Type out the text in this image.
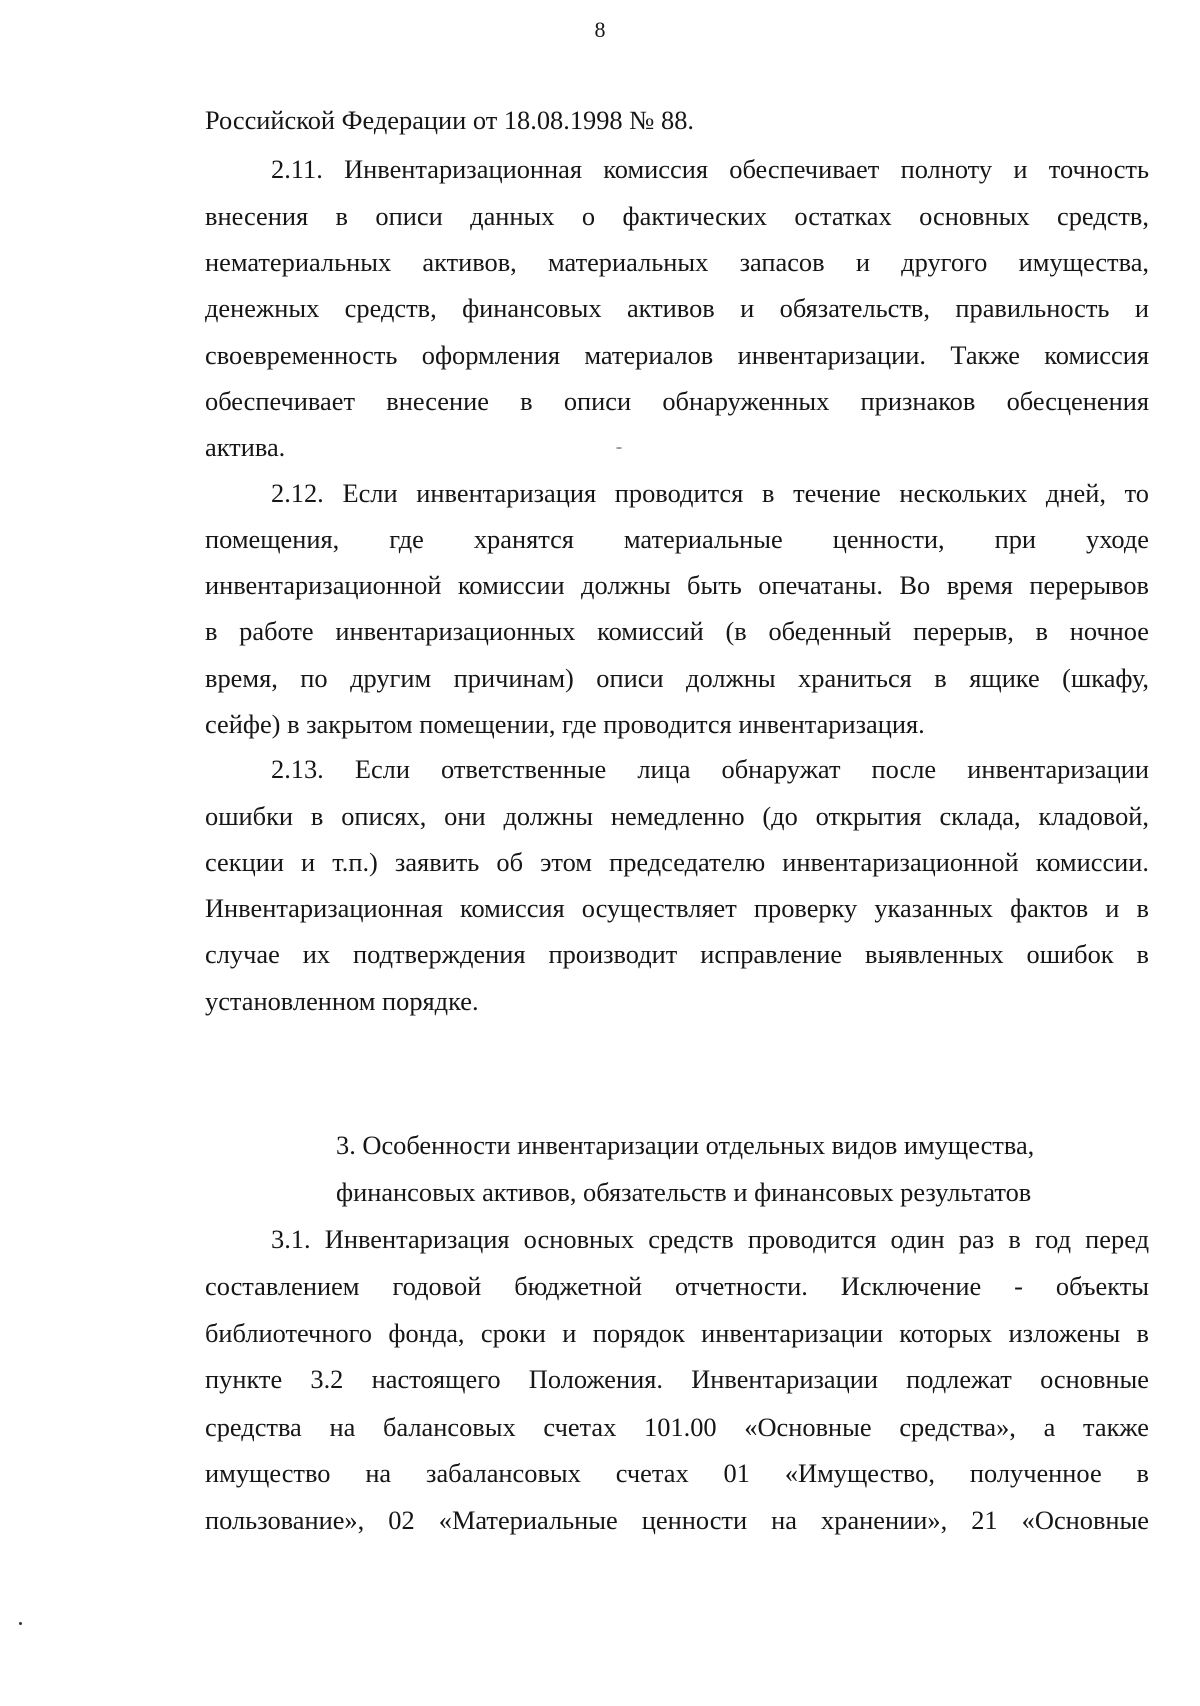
8
Российской Федерации от 18.08.1998 № 88.
2.11. Инвентаризационная комиссия обеспечивает полноту и точность
внесения в описи данных о фактических остатках основных средств,
нематериальных активов, материальных запасов и другого имущества,
денежных средств, финансовых активов и обязательств, правильность и
своевременность оформления материалов инвентаризации. Также комиссия
обеспечивает внесение в описи обнаруженных признаков обесценения
актива.
2.12. Если инвентаризация проводится в течение нескольких дней, то
помещения, где хранятся материальные ценности, при уходе
инвентаризационной комиссии должны быть опечатаны. Во время перерывов
в работе инвентаризационных комиссий (в обеденный перерыв, в ночное
время, по другим причинам) описи должны храниться в ящике (шкафу,
сейфе) в закрытом помещении, где проводится инвентаризация.
2.13. Если ответственные лица обнаружат после инвентаризации
ошибки в описях, они должны немедленно (до открытия склада, кладовой,
секции и т.п.) заявить об этом председателю инвентаризационной комиссии.
Инвентаризационная комиссия осуществляет проверку указанных фактов и в
случае их подтверждения производит исправление выявленных ошибок в
установленном порядке.
3. Особенности инвентаризации отдельных видов имущества,
финансовых активов, обязательств и финансовых результатов
3.1. Инвентаризация основных средств проводится один раз в год перед
составлением годовой бюджетной отчетности. Исключение - объекты
библиотечного фонда, сроки и порядок инвентаризации которых изложены в
пункте 3.2 настоящего Положения. Инвентаризации подлежат основные
средства на балансовых счетах 101.00 «Основные средства», а также
имущество на забалансовых счетах 01 «Имущество, полученное в
пользование», 02 «Материальные ценности на хранении», 21 «Основные
